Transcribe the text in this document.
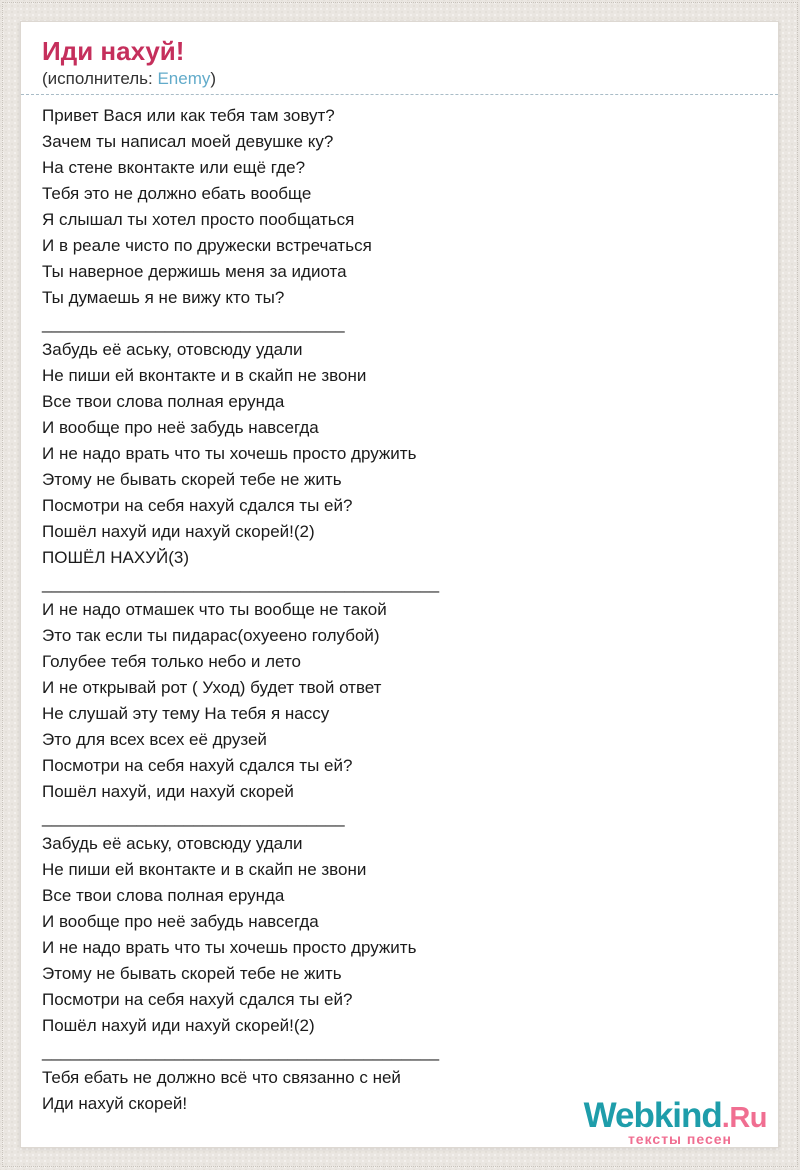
Иди нахуй!
(исполнитель: Enemy)
Привет Вася или как тебя там зовут?
Зачем ты написал моей девушке ку?
На стене вконтакте или ещё где?
Тебя это не должно ебать вообще
Я слышал ты хотел просто пообщаться
И в реале чисто по дружески встречаться
Ты наверное держишь меня за идиота
Ты думаешь я не вижу кто ты?
________________________________
Забудь её аську, отовсюду удали
Не пиши ей вконтакте и в скайп не звони
Все твои слова полная ерунда
И вообще про неё забудь навсегда
И не надо врать что ты хочешь просто дружить
Этому не бывать скорей тебе не жить
Посмотри на себя нахуй сдался ты ей?
Пошёл нахуй иди нахуй скорей!(2)
ПОШЁЛ НАХУЙ(3)
__________________________________________
И не надо отмашек что ты вообще не такой
Это так если ты пидарас(охуеено голубой)
Голубее тебя только небо и лето
И не открывай рот ( Уход) будет твой ответ
Не слушай эту тему На тебя я нассу
Это для всех всех её друзей
Посмотри на себя нахуй сдался ты ей?
Пошёл нахуй, иди нахуй скорей
________________________________
Забудь её аську, отовсюду удали
Не пиши ей вконтакте и в скайп не звони
Все твои слова полная ерунда
И вообще про неё забудь навсегда
И не надо врать что ты хочешь просто дружить
Этому не бывать скорей тебе не жить
Посмотри на себя нахуй сдался ты ей?
Пошёл нахуй иди нахуй скорей!(2)
__________________________________________
Тебя ебать не должно всё что связанно с ней
Иди нахуй скорей!	Webkind.Ru
тексты песен
